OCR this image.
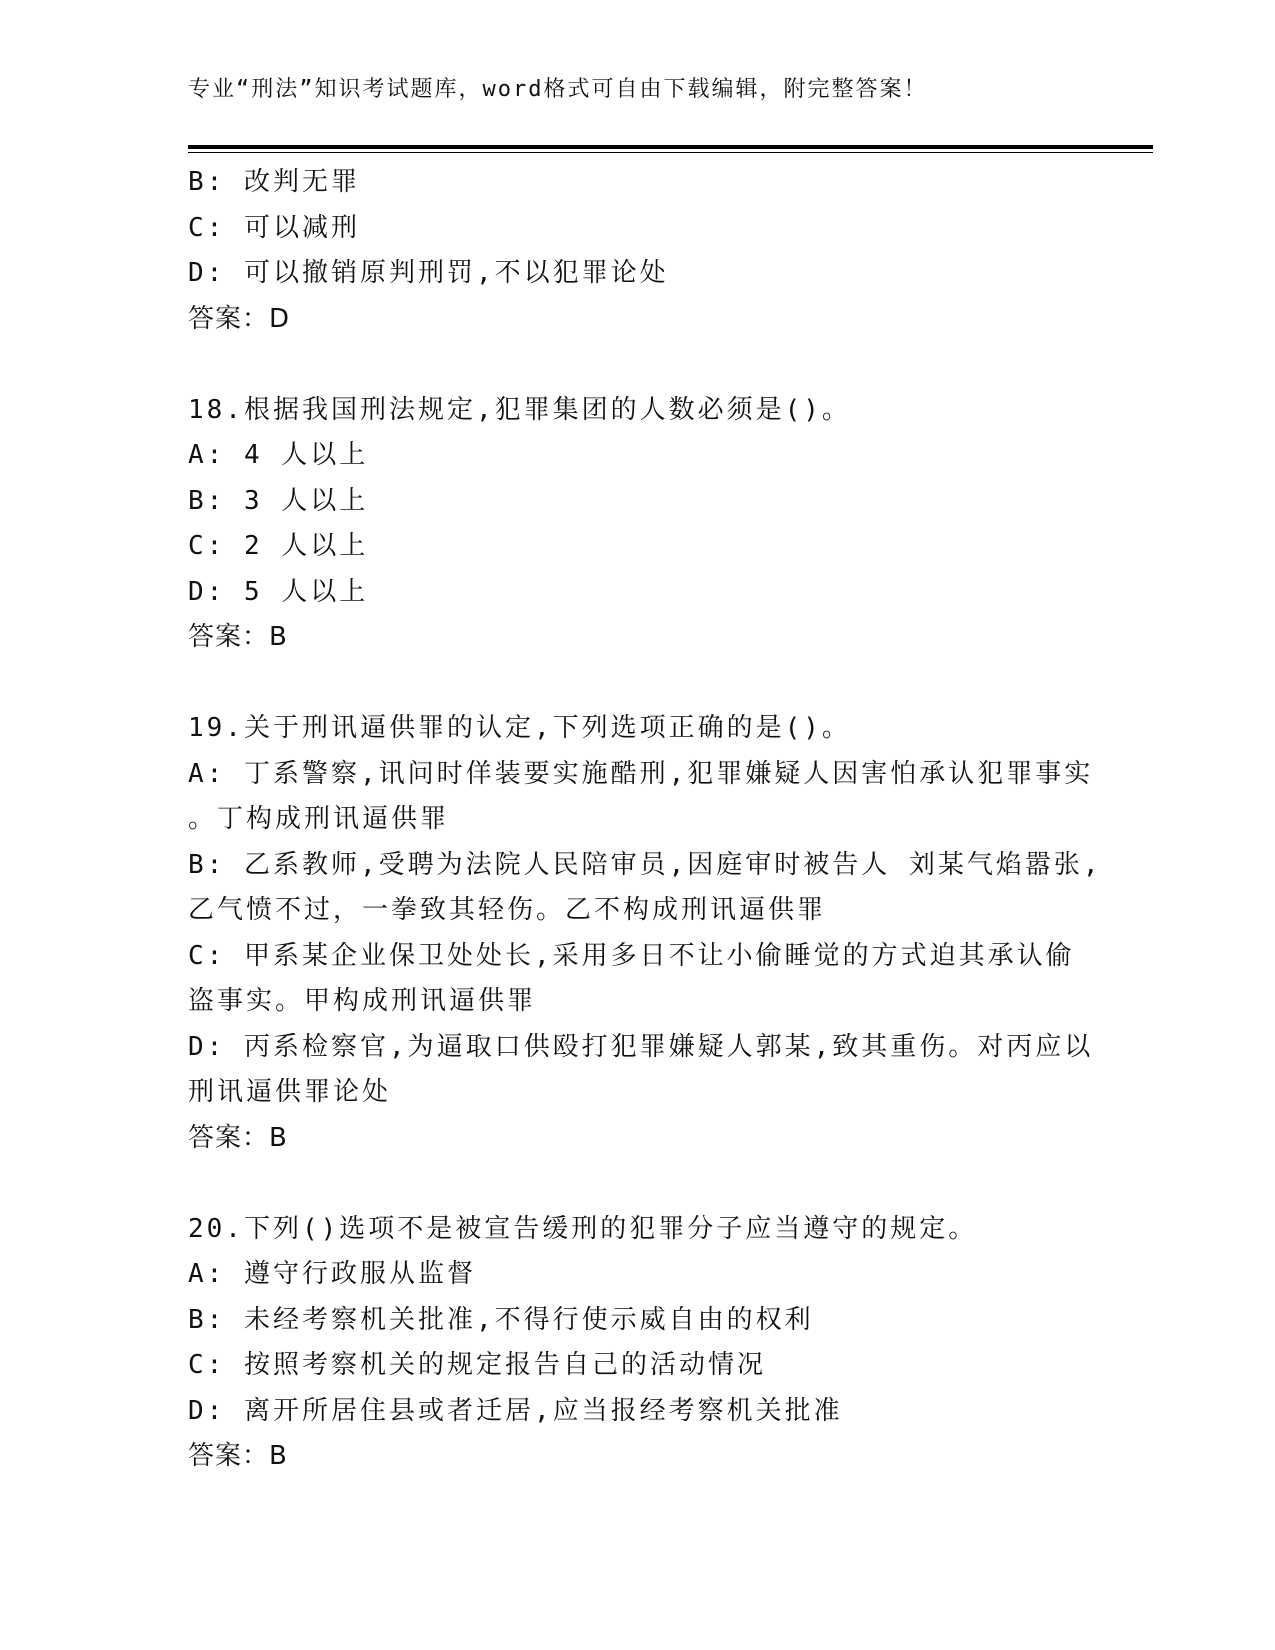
专业“刑法”知识考试题库，word格式可自由下载编辑，附完整答案！
B: 改判无罪
C: 可以减刑
D: 可以撤销原判刑罚,不以犯罪论处
答案：D
18.根据我国刑法规定,犯罪集团的人数必须是()。
A: 4 人以上
B: 3 人以上
C: 2 人以上
D: 5 人以上
答案：B
19.关于刑讯逼供罪的认定,下列选项正确的是()。
A: 丁系警察,讯问时佯装要实施酷刑,犯罪嫌疑人因害怕承认犯罪事实
。丁构成刑讯逼供罪
B: 乙系教师,受聘为法院人民陪审员,因庭审时被告人 刘某气焰嚣张,
乙气愤不过，一拳致其轻伤。乙不构成刑讯逼供罪
C: 甲系某企业保卫处处长,采用多日不让小偷睡觉的方式迫其承认偷
盗事实。甲构成刑讯逼供罪
D: 丙系检察官,为逼取口供殴打犯罪嫌疑人郭某,致其重伤。对丙应以
刑讯逼供罪论处
答案：B
20.下列()选项不是被宣告缓刑的犯罪分子应当遵守的规定。
A: 遵守行政服从监督
B: 未经考察机关批准,不得行使示威自由的权利
C: 按照考察机关的规定报告自己的活动情况
D: 离开所居住县或者迁居,应当报经考察机关批准
答案：B
